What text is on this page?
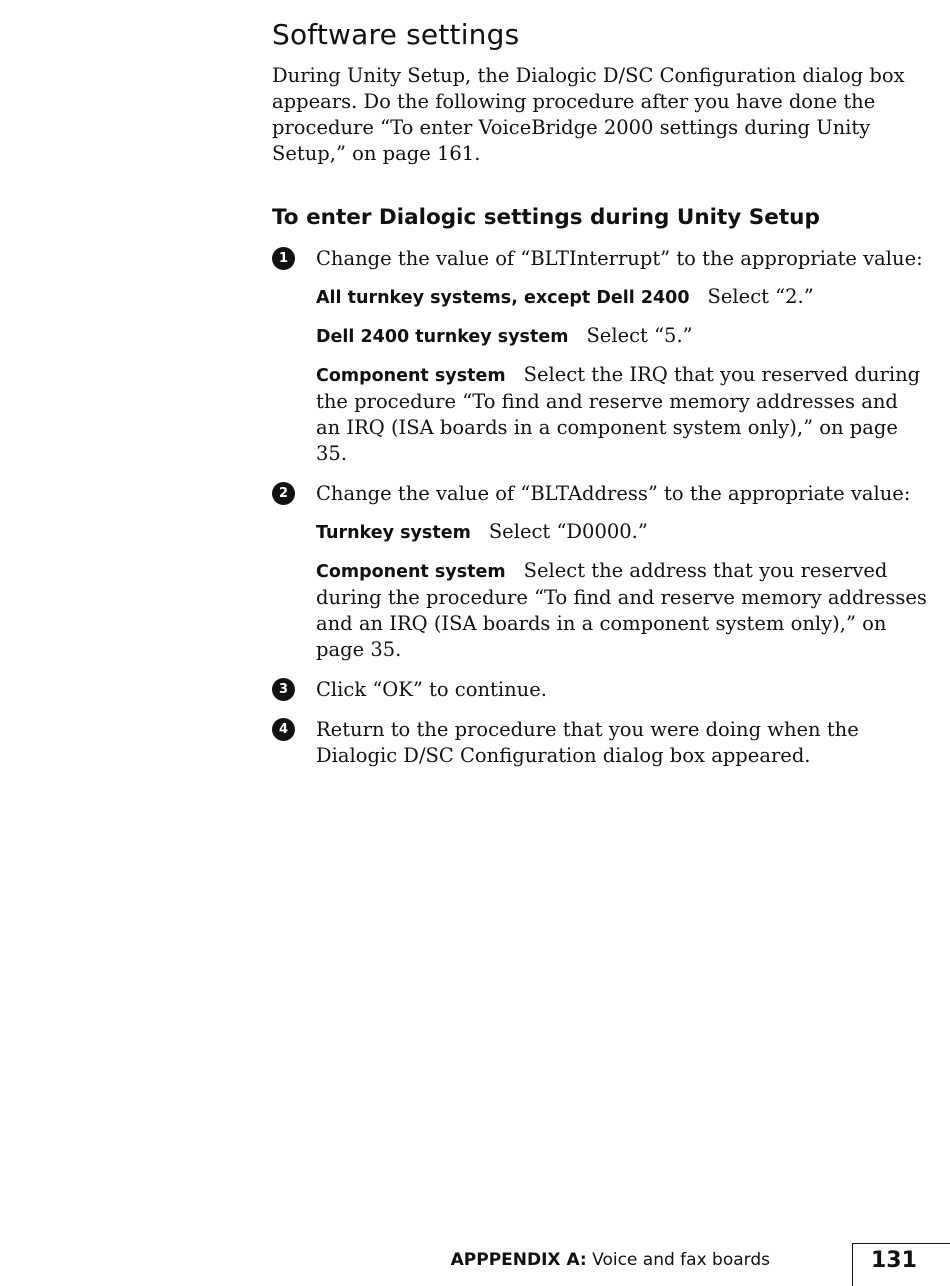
Software settings

During Unity Setup, the Dialogic D/SC Configuration dialog box appears. Do the following procedure after you have done the procedure “To enter VoiceBridge 2000 settings during Unity Setup,” on page 161.

To enter Dialogic settings during Unity Setup
1	Change the value of “BLTInterrupt” to the appropriate value:

All turnkey systems, except Dell 2400 Select “2.”

Dell 2400 turnkey system Select “5.”

Component system Select the IRQ that you reserved during the procedure “To find and reserve memory addresses and an IRQ (ISA boards in a component system only),” on page 35.

2	Change the value of “BLTAddress” to the appropriate value:

Turnkey system Select “D0000.”

Component system Select the address that you reserved during the procedure “To find and reserve memory addresses and an IRQ (ISA boards in a component system only),” on page 35.

3	Click “OK” to continue.

4	Return to the procedure that you were doing when the Dialogic D/SC Configuration dialog box appeared.

APPPENDIX A: Voice and fax boards	131
